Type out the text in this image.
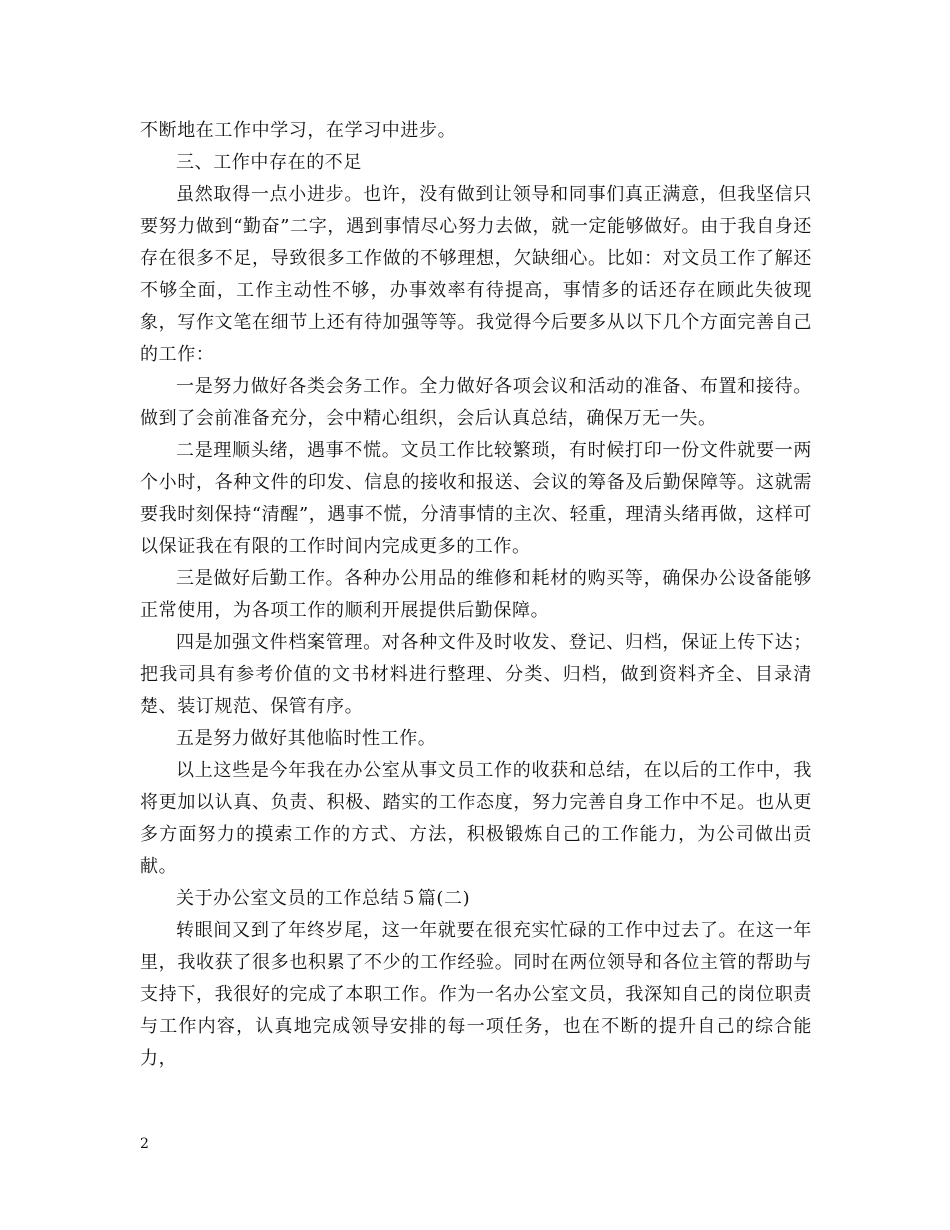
不断地在工作中学习，在学习中进步。

三、工作中存在的不足

虽然取得一点小进步。也许，没有做到让领导和同事们真正满意，但我坚信只要努力做到“勤奋”二字，遇到事情尽心努力去做，就一定能够做好。由于我自身还存在很多不足，导致很多工作做的不够理想，欠缺细心。比如：对文员工作了解还不够全面，工作主动性不够，办事效率有待提高，事情多的话还存在顾此失彼现象，写作文笔在细节上还有待加强等等。我觉得今后要多从以下几个方面完善自己的工作：

一是努力做好各类会务工作。全力做好各项会议和活动的准备、布置和接待。做到了会前准备充分，会中精心组织，会后认真总结，确保万无一失。

二是理顺头绪，遇事不慌。文员工作比较繁琐，有时候打印一份文件就要一两个小时，各种文件的印发、信息的接收和报送、会议的筹备及后勤保障等。这就需要我时刻保持“清醒”，遇事不慌，分清事情的主次、轻重，理清头绪再做，这样可以保证我在有限的工作时间内完成更多的工作。

三是做好后勤工作。各种办公用品的维修和耗材的购买等，确保办公设备能够正常使用，为各项工作的顺利开展提供后勤保障。

四是加强文件档案管理。对各种文件及时收发、登记、归档，保证上传下达；把我司具有参考价值的文书材料进行整理、分类、归档，做到资料齐全、目录清楚、装订规范、保管有序。

五是努力做好其他临时性工作。

以上这些是今年我在办公室从事文员工作的收获和总结，在以后的工作中，我将更加以认真、负责、积极、踏实的工作态度，努力完善自身工作中不足。也从更多方面努力的摸索工作的方式、方法，积极锻炼自己的工作能力，为公司做出贡献。

关于办公室文员的工作总结５篇(二)

转眼间又到了年终岁尾，这一年就要在很充实忙碌的工作中过去了。在这一年里，我收获了很多也积累了不少的工作经验。同时在两位领导和各位主管的帮助与支持下，我很好的完成了本职工作。作为一名办公室文员，我深知自己的岗位职责与工作内容，认真地完成领导安排的每一项任务，也在不断的提升自己的综合能力，

2
